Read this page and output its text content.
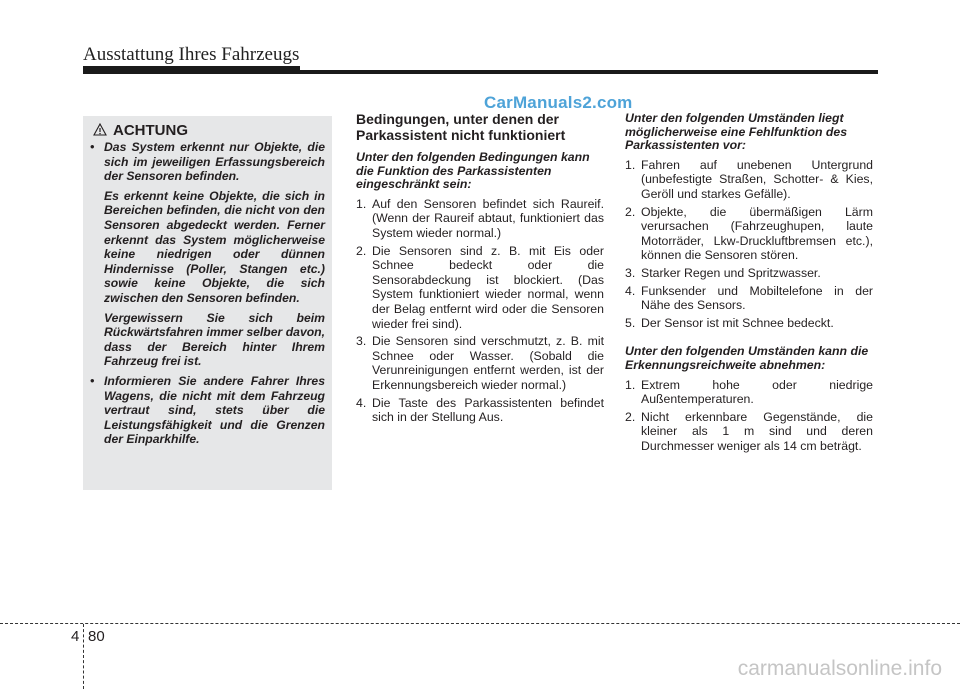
Ausstattung Ihres Fahrzeugs
CarManuals2.com
ACHTUNG
• Das System erkennt nur Objekte, die sich im jeweiligen Erfassungsbereich der Sensoren befinden.

Es erkennt keine Objekte, die sich in Bereichen befinden, die nicht von den Sensoren abgedeckt werden. Ferner erkennt das System möglicherweise keine niedrigen oder dünnen Hindernisse (Poller, Stangen etc.) sowie keine Objekte, die sich zwischen den Sensoren befinden.

Vergewissern Sie sich beim Rückwärtsfahren immer selber davon, dass der Bereich hinter Ihrem Fahrzeug frei ist.

• Informieren Sie andere Fahrer Ihres Wagens, die nicht mit dem Fahrzeug vertraut sind, stets über die Leistungsfähigkeit und die Grenzen der Einparkhilfe.

Bedingungen, unter denen der Parkassistent nicht funktioniert
Unter den folgenden Bedingungen kann die Funktion des Parkassistenten eingeschränkt sein:
1. Auf den Sensoren befindet sich Raureif. (Wenn der Raureif abtaut, funktioniert das System wieder normal.)
2. Die Sensoren sind z. B. mit Eis oder Schnee bedeckt oder die Sensorabdeckung ist blockiert. (Das System funktioniert wieder normal, wenn der Belag entfernt wird oder die Sensoren wieder frei sind).
3. Die Sensoren sind verschmutzt, z. B. mit Schnee oder Wasser. (Sobald die Verunreinigungen entfernt werden, ist der Erkennungsbereich wieder normal.)
4. Die Taste des Parkassistenten befindet sich in der Stellung Aus.
Unter den folgenden Umständen liegt möglicherweise eine Fehlfunktion des Parkassistenten vor:
1. Fahren auf unebenen Untergrund (unbefestigte Straßen, Schotter- & Kies, Geröll und starkes Gefälle).
2. Objekte, die übermäßigen Lärm verursachen (Fahrzeughupen, laute Motorräder, Lkw-Druckluftbremsen etc.), können die Sensoren stören.
3. Starker Regen und Spritzwasser.
4. Funksender und Mobiltelefone in der Nähe des Sensors.
5. Der Sensor ist mit Schnee bedeckt.
Unter den folgenden Umständen kann die Erkennungsreichweite abnehmen:
1. Extrem hohe oder niedrige Außentemperaturen.
2. Nicht erkennbare Gegenstände, die kleiner als 1 m sind und deren Durchmesser weniger als 14 cm beträgt.
4 80
carmanualsonline.info
